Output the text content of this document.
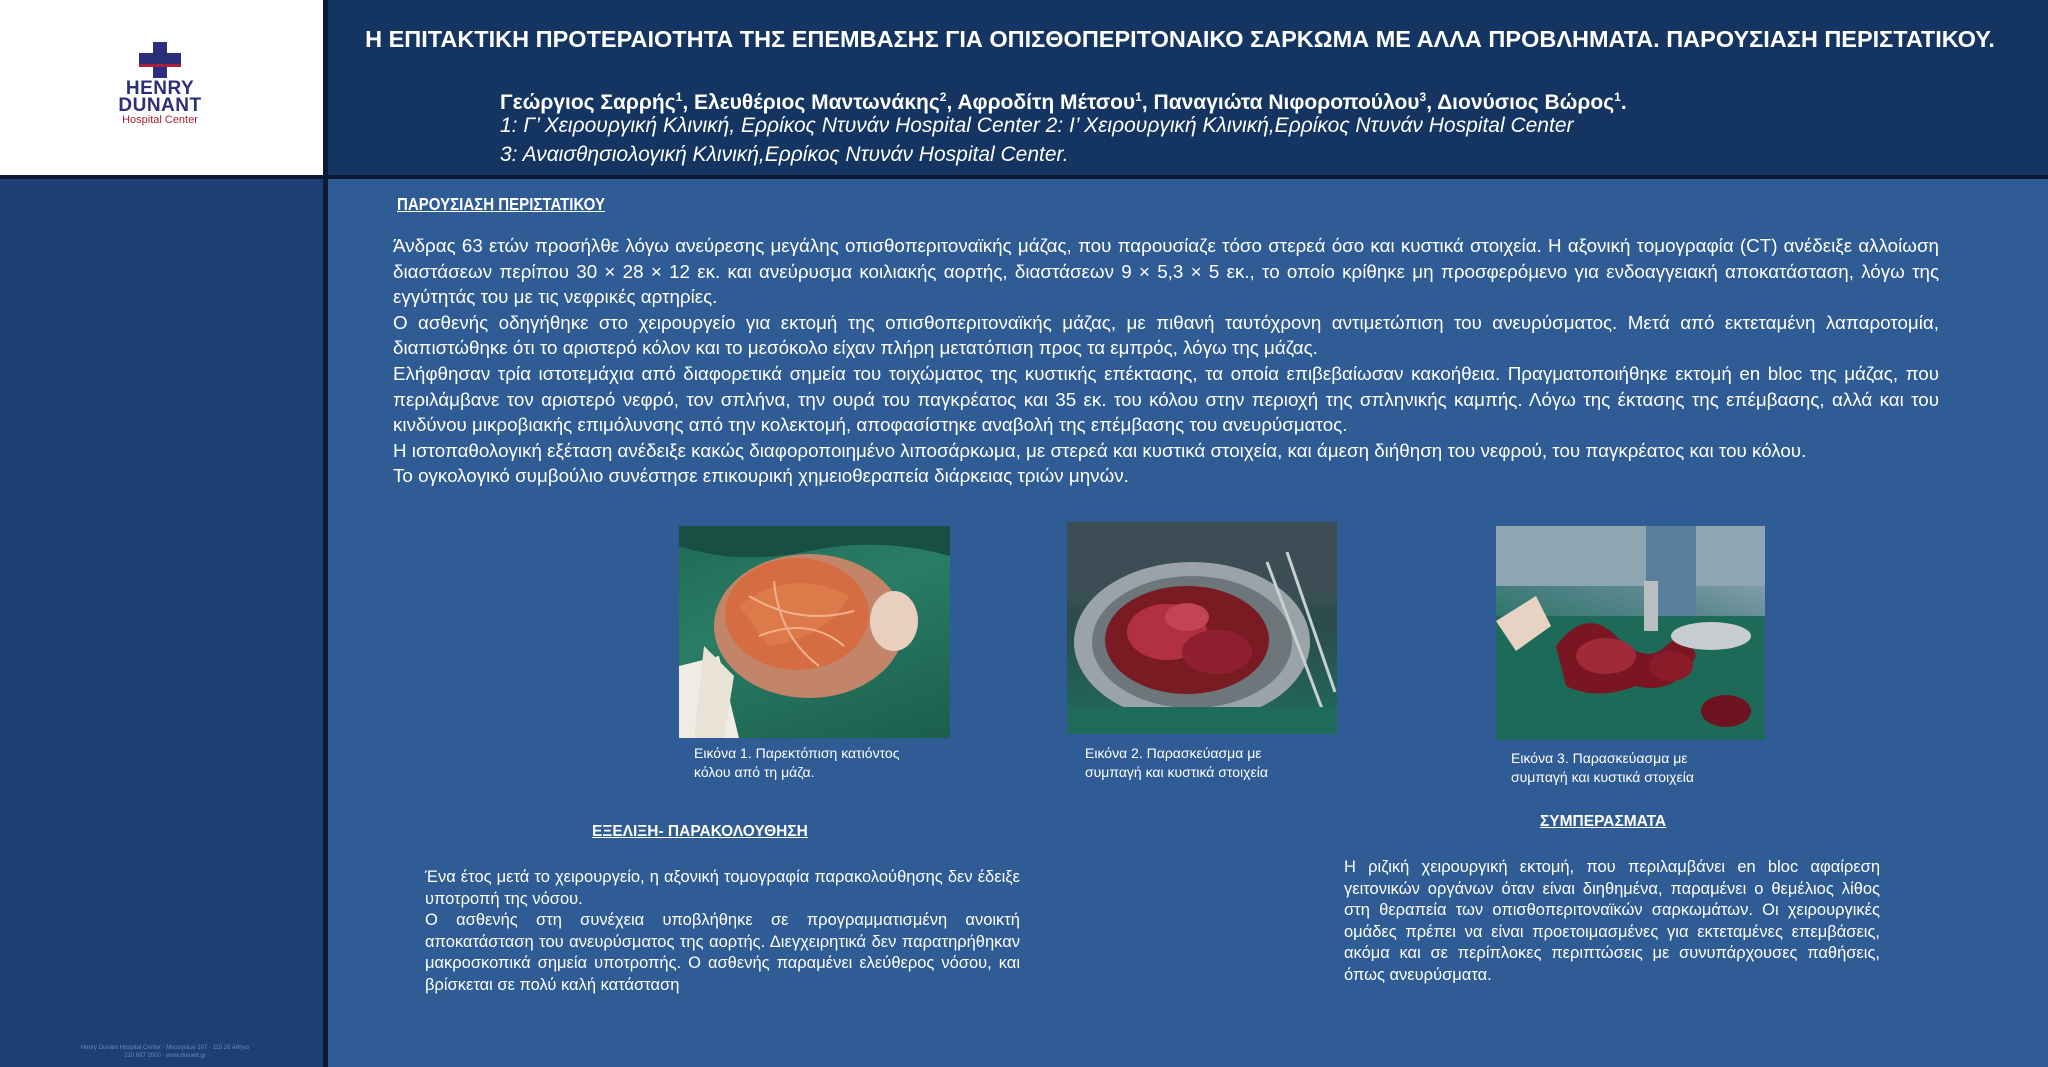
HENRY
DUNANT
Hospital Center
Henry Dunant Hospital Center · Μεσογείων 107 · 115 26 Αθήνα
210 697 2000 · www.dunant.gr
Η ΕΠΙΤΑΚΤΙΚΗ ΠΡΟΤΕΡΑΙΟΤΗΤΑ ΤΗΣ ΕΠΕΜΒΑΣΗΣ ΓΙΑ ΟΠΙΣΘΟΠΕΡΙΤΟΝΑΙΚΟ ΣΑΡΚΩΜΑ ΜΕ ΑΛΛΑ ΠΡΟΒΛΗΜΑΤΑ. ΠΑΡΟΥΣΙΑΣΗ ΠΕΡΙΣΤΑΤΙΚΟΥ.
Γεώργιος Σαρρής$^1$, Ελευθέριος Μαντωνάκης$^2$, Αφροδίτη Μέτσου$^1$, Παναγιώτα Νιφοροπούλου$^3$, Διονύσιος Βώρος$^1$.
1: Γ’ Χειρουργική Κλινική, Ερρίκος Ντυνάν Hospital Center 2: Ι’ Χειρουργική Κλινική,Ερρίκος Ντυνάν Hospital Center
3: Αναισθησιολογική Κλινική,Ερρίκος Ντυνάν Hospital Center.
ΠΑΡΟΥΣΙΑΣΗ ΠΕΡΙΣΤΑΤΙΚΟΥ

Άνδρας 63 ετών προσήλθε λόγω ανεύρεσης μεγάλης οπισθοπεριτοναϊκής μάζας, που παρουσίαζε τόσο στερεά όσο και κυστικά στοιχεία. Η αξονική τομογραφία (CT) ανέδειξε αλλοίωση διαστάσεων περίπου 30 × 28 × 12 εκ. και ανεύρυσμα κοιλιακής αορτής, διαστάσεων 9 × 5,3 × 5 εκ., το οποίο κρίθηκε μη προσφερόμενο για ενδοαγγειακή αποκατάσταση, λόγω της εγγύτητάς του με τις νεφρικές αρτηρίες.

Ο ασθενής οδηγήθηκε στο χειρουργείο για εκτομή της οπισθοπεριτοναϊκής μάζας, με πιθανή ταυτόχρονη αντιμετώπιση του ανευρύσματος. Μετά από εκτεταμένη λαπαροτομία, διαπιστώθηκε ότι το αριστερό κόλον και το μεσόκολο είχαν πλήρη μετατόπιση προς τα εμπρός, λόγω της μάζας.

Ελήφθησαν τρία ιστοτεμάχια από διαφορετικά σημεία του τοιχώματος της κυστικής επέκτασης, τα οποία επιβεβαίωσαν κακοήθεια. Πραγματοποιήθηκε εκτομή en bloc της μάζας, που περιλάμβανε τον αριστερό νεφρό, τον σπλήνα, την ουρά του παγκρέατος και 35 εκ. του κόλου στην περιοχή της σπληνικής καμπής. Λόγω της έκτασης της επέμβασης, αλλά και του κινδύνου μικροβιακής επιμόλυνσης από την κολεκτομή, αποφασίστηκε αναβολή της επέμβασης του ανευρύσματος.

Η ιστοπαθολογική εξέταση ανέδειξε κακώς διαφοροποιημένο λιποσάρκωμα, με στερεά και κυστικά στοιχεία, και άμεση διήθηση του νεφρού, του παγκρέατος και του κόλου.

Το ογκολογικό συμβούλιο συνέστησε επικουρική χημειοθεραπεία διάρκειας τριών μηνών.

Εικόνα 1. Παρεκτόπιση κατιόντος
κόλου από τη μάζα.
Εικόνα 2. Παρασκεύασμα με
συμπαγή και κυστικά στοιχεία
Εικόνα 3. Παρασκεύασμα με
συμπαγή και κυστικά στοιχεία
ΕΞΕΛΙΞΗ- ΠΑΡΑΚΟΛΟΥΘΗΣΗ

Ένα έτος μετά το χειρουργείο, η αξονική τομογραφία παρακολούθησης δεν έδειξε υποτροπή της νόσου.

Ο ασθενής στη συνέχεια υποβλήθηκε σε προγραμματισμένη ανοικτή αποκατάσταση του ανευρύσματος της αορτής. Διεγχειρητικά δεν παρατηρήθηκαν μακροσκοπικά σημεία υποτροπής. Ο ασθενής παραμένει ελεύθερος νόσου, και βρίσκεται σε πολύ καλή κατάσταση

ΣΥΜΠΕΡΑΣΜΑΤΑ
Η ριζική χειρουργική εκτομή, που περιλαμβάνει en bloc αφαίρεση γειτονικών οργάνων όταν είναι διηθημένα, παραμένει ο θεμέλιος λίθος στη θεραπεία των οπισθοπεριτοναϊκών σαρκωμάτων. Οι χειρουργικές ομάδες πρέπει να είναι προετοιμασμένες για εκτεταμένες επεμβάσεις, ακόμα και σε περίπλοκες περιπτώσεις με συνυπάρχουσες παθήσεις, όπως ανευρύσματα.
